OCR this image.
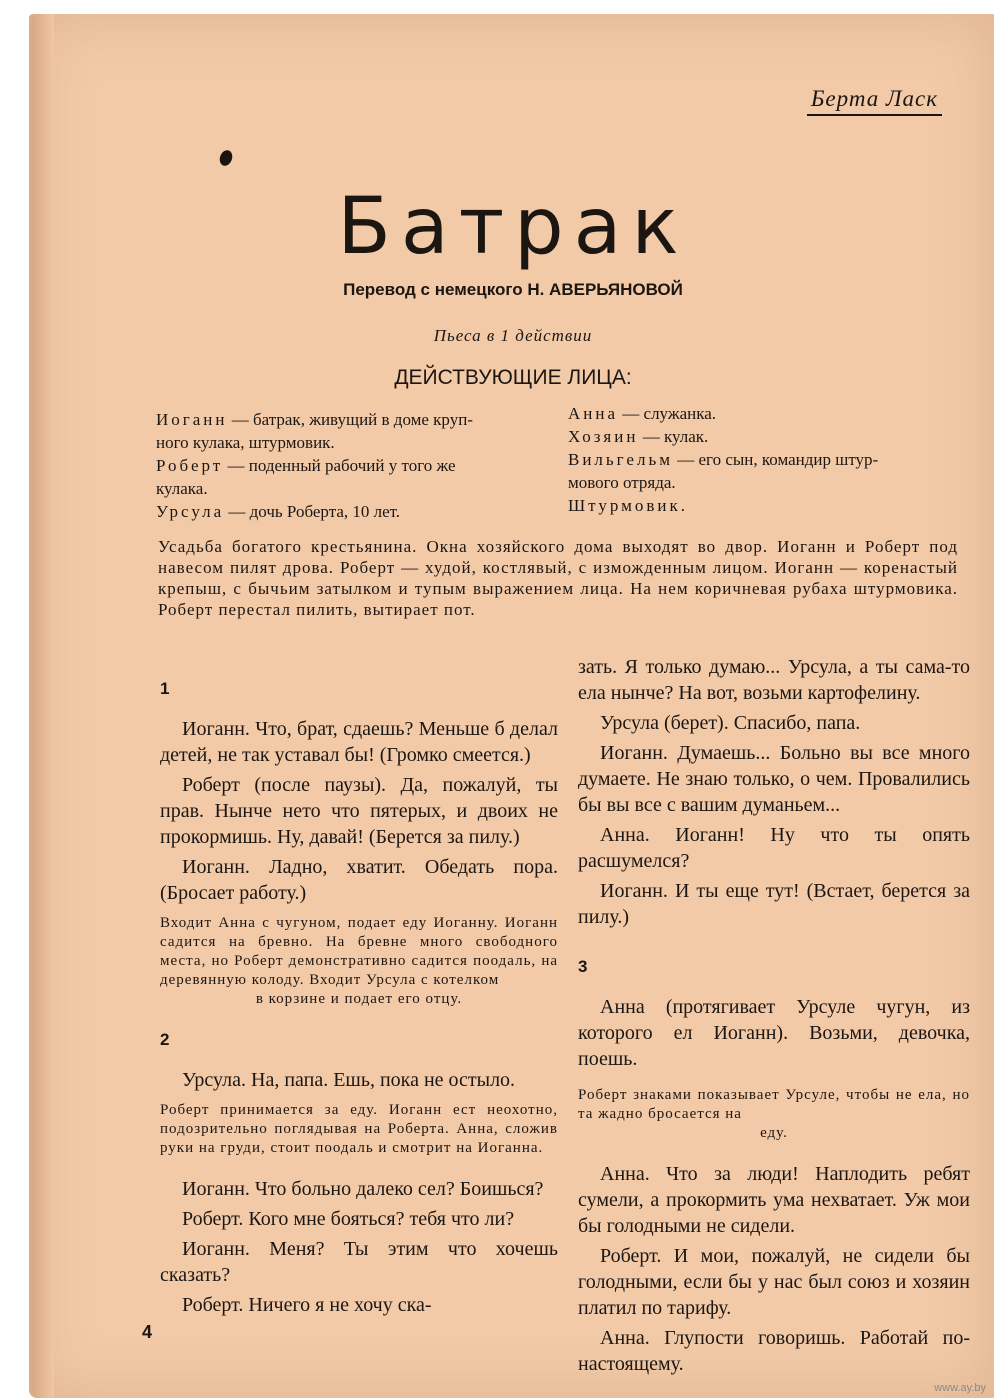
Берта Ласк
Батрак
Перевод с немецкого Н. АВЕРЬЯНОВОЙ
Пьеса в 1 действии
ДЕЙСТВУЮЩИЕ ЛИЦА:

Иоганн — батрак, живущий в доме круп-

ного кулака, штурмовик.

Роберт — поденный рабочий у того же

кулака.

Урсула — дочь Роберта, 10 лет.

Анна — служанка.

Хозяин — кулак.

Вильгельм — его сын, командир штур-

мового отряда.

Штурмовик.

Усадьба богатого крестьянина. Окна хозяйского дома выходят во двор. Иоганн и Роберт под навесом пилят дрова. Роберт — худой, костлявый, с изможденным лицом. Иоганн — коренастый крепыш, с бычьим затылком и тупым выражением лица. На нем коричневая рубаха штурмовика. Роберт перестал пилить, вытирает пот.
1

Иоганн. Что, брат, сдаешь? Меньше б делал детей, не так уставал бы! (Громко смеется.)

Роберт (после паузы). Да, пожалуй, ты прав. Нынче нето что пятерых, и двоих не прокормишь. Ну, давай! (Берется за пилу.)

Иоганн. Ладно, хватит. Обедать пора. (Бросает работу.)

Входит Анна с чугуном, подает еду Иоганну. Иоганн садится на бревно. На бревне много свободного места, но Роберт демонстративно садится поодаль, на деревянную колоду. Входит Урсула с котелком
в корзине и подает его отцу.
2

Урсула. На, папа. Ешь, пока не остыло.

Роберт принимается за еду. Иоганн ест неохотно, подозрительно поглядывая на Роберта. Анна, сложив руки на груди, стоит поодаль и смотрит на Иоганна.

Иоганн. Что больно далеко сел? Боишься?

Роберт. Кого мне бояться? тебя что ли?

Иоганн. Меня? Ты этим что хочешь сказать?

Роберт. Ничего я не хочу ска-

зать. Я только думаю... Урсула, а ты сама-то ела нынче? На вот, возьми картофелину.

Урсула (берет). Спасибо, папа.

Иоганн. Думаешь... Больно вы все много думаете. Не знаю только, о чем. Провалились бы вы все с вашим думаньем...

Анна. Иоганн! Ну что ты опять расшумелся?

Иоганн. И ты еще тут! (Встает, берется за пилу.)

3

Анна (протягивает Урсуле чугун, из которого ел Иоганн). Возьми, девочка, поешь.

Роберт знаками показывает Урсуле, чтобы не ела, но та жадно бросается на
еду.

Анна. Что за люди! Наплодить ребят сумели, а прокормить ума нехватает. Уж мои бы голодными не сидели.

Роберт. И мои, пожалуй, не сидели бы голодными, если бы у нас был союз и хозяин платил по тарифу.

Анна. Глупости говоришь. Работай по-настоящему.

4
www.ay.by
